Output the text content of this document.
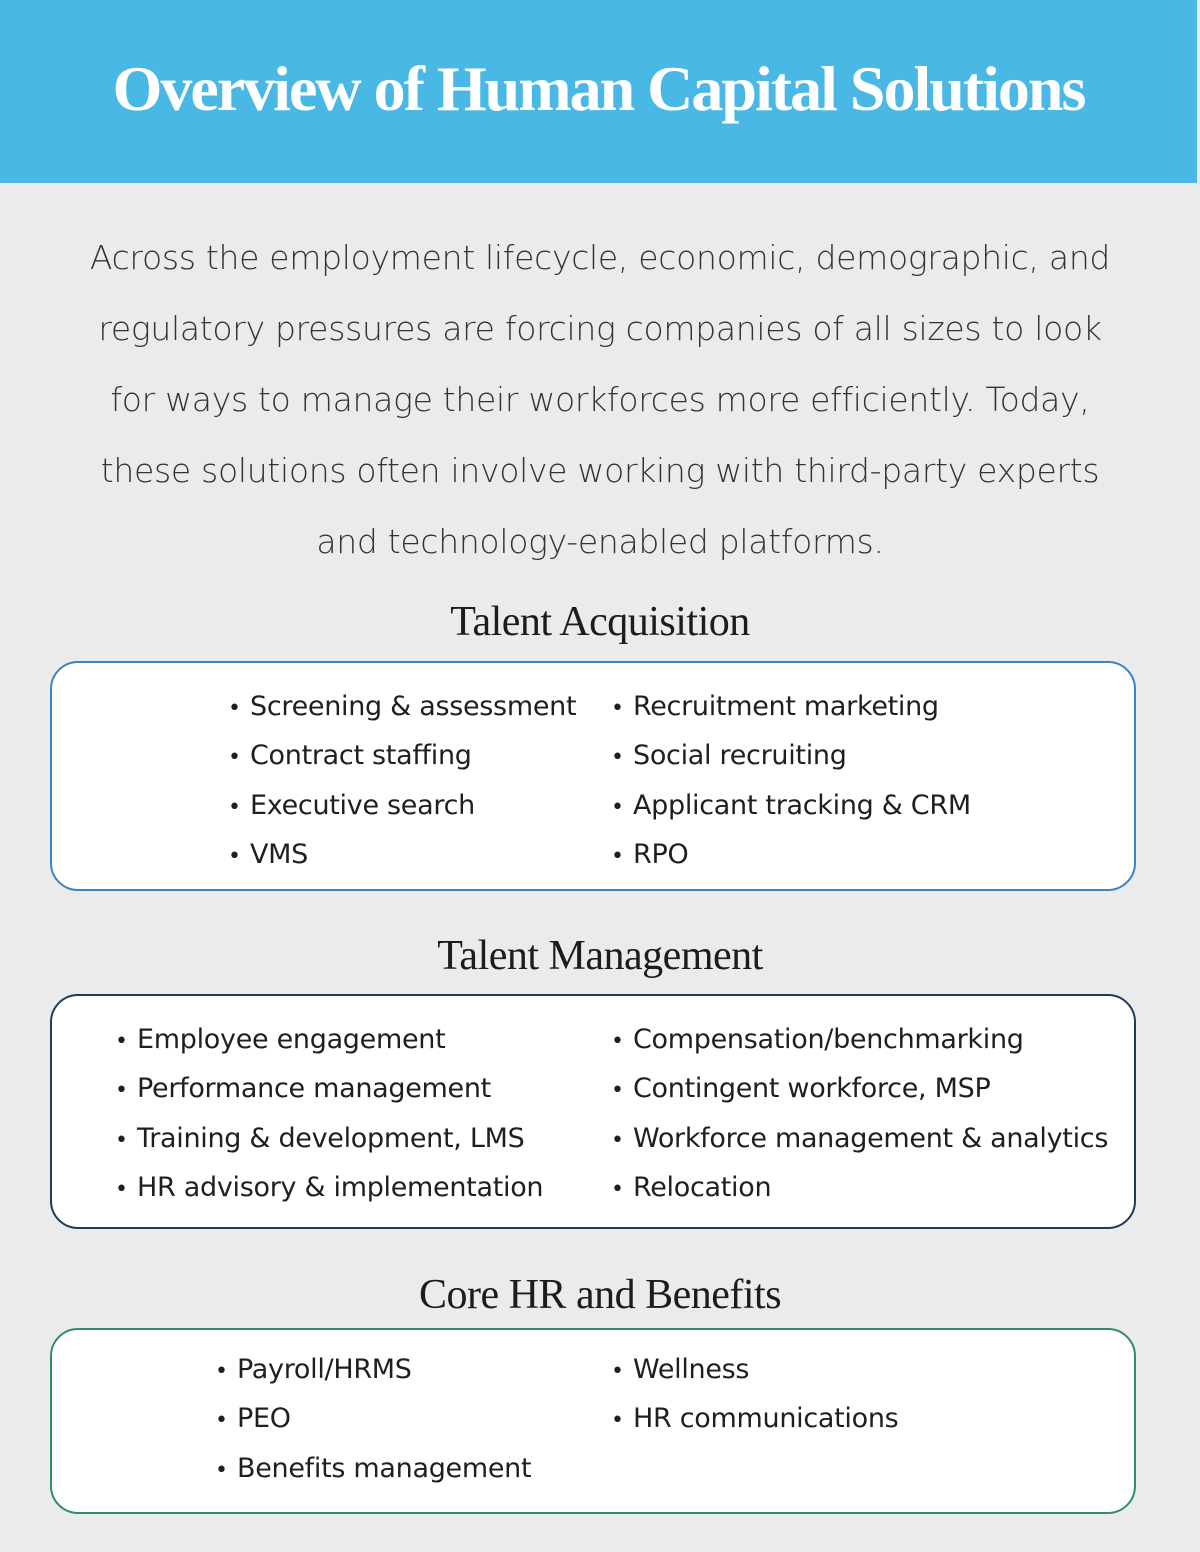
Overview of Human Capital Solutions
Across the employment lifecycle, economic, demographic, and
regulatory pressures are forcing companies of all sizes to look
for ways to manage their workforces more efficiently. Today,
these solutions often involve working with third-party experts
and technology-enabled platforms.
Talent Acquisition
• Screening & assessment
• Contract staffing
• Executive search
• VMS
• Recruitment marketing
• Social recruiting
• Applicant tracking & CRM
• RPO
Talent Management
• Employee engagement
• Performance management
• Training & development, LMS
• HR advisory & implementation
• Compensation/benchmarking
• Contingent workforce, MSP
• Workforce management & analytics
• Relocation
Core HR and Benefits
• Payroll/HRMS
• PEO
• Benefits management
• Wellness
• HR communications
